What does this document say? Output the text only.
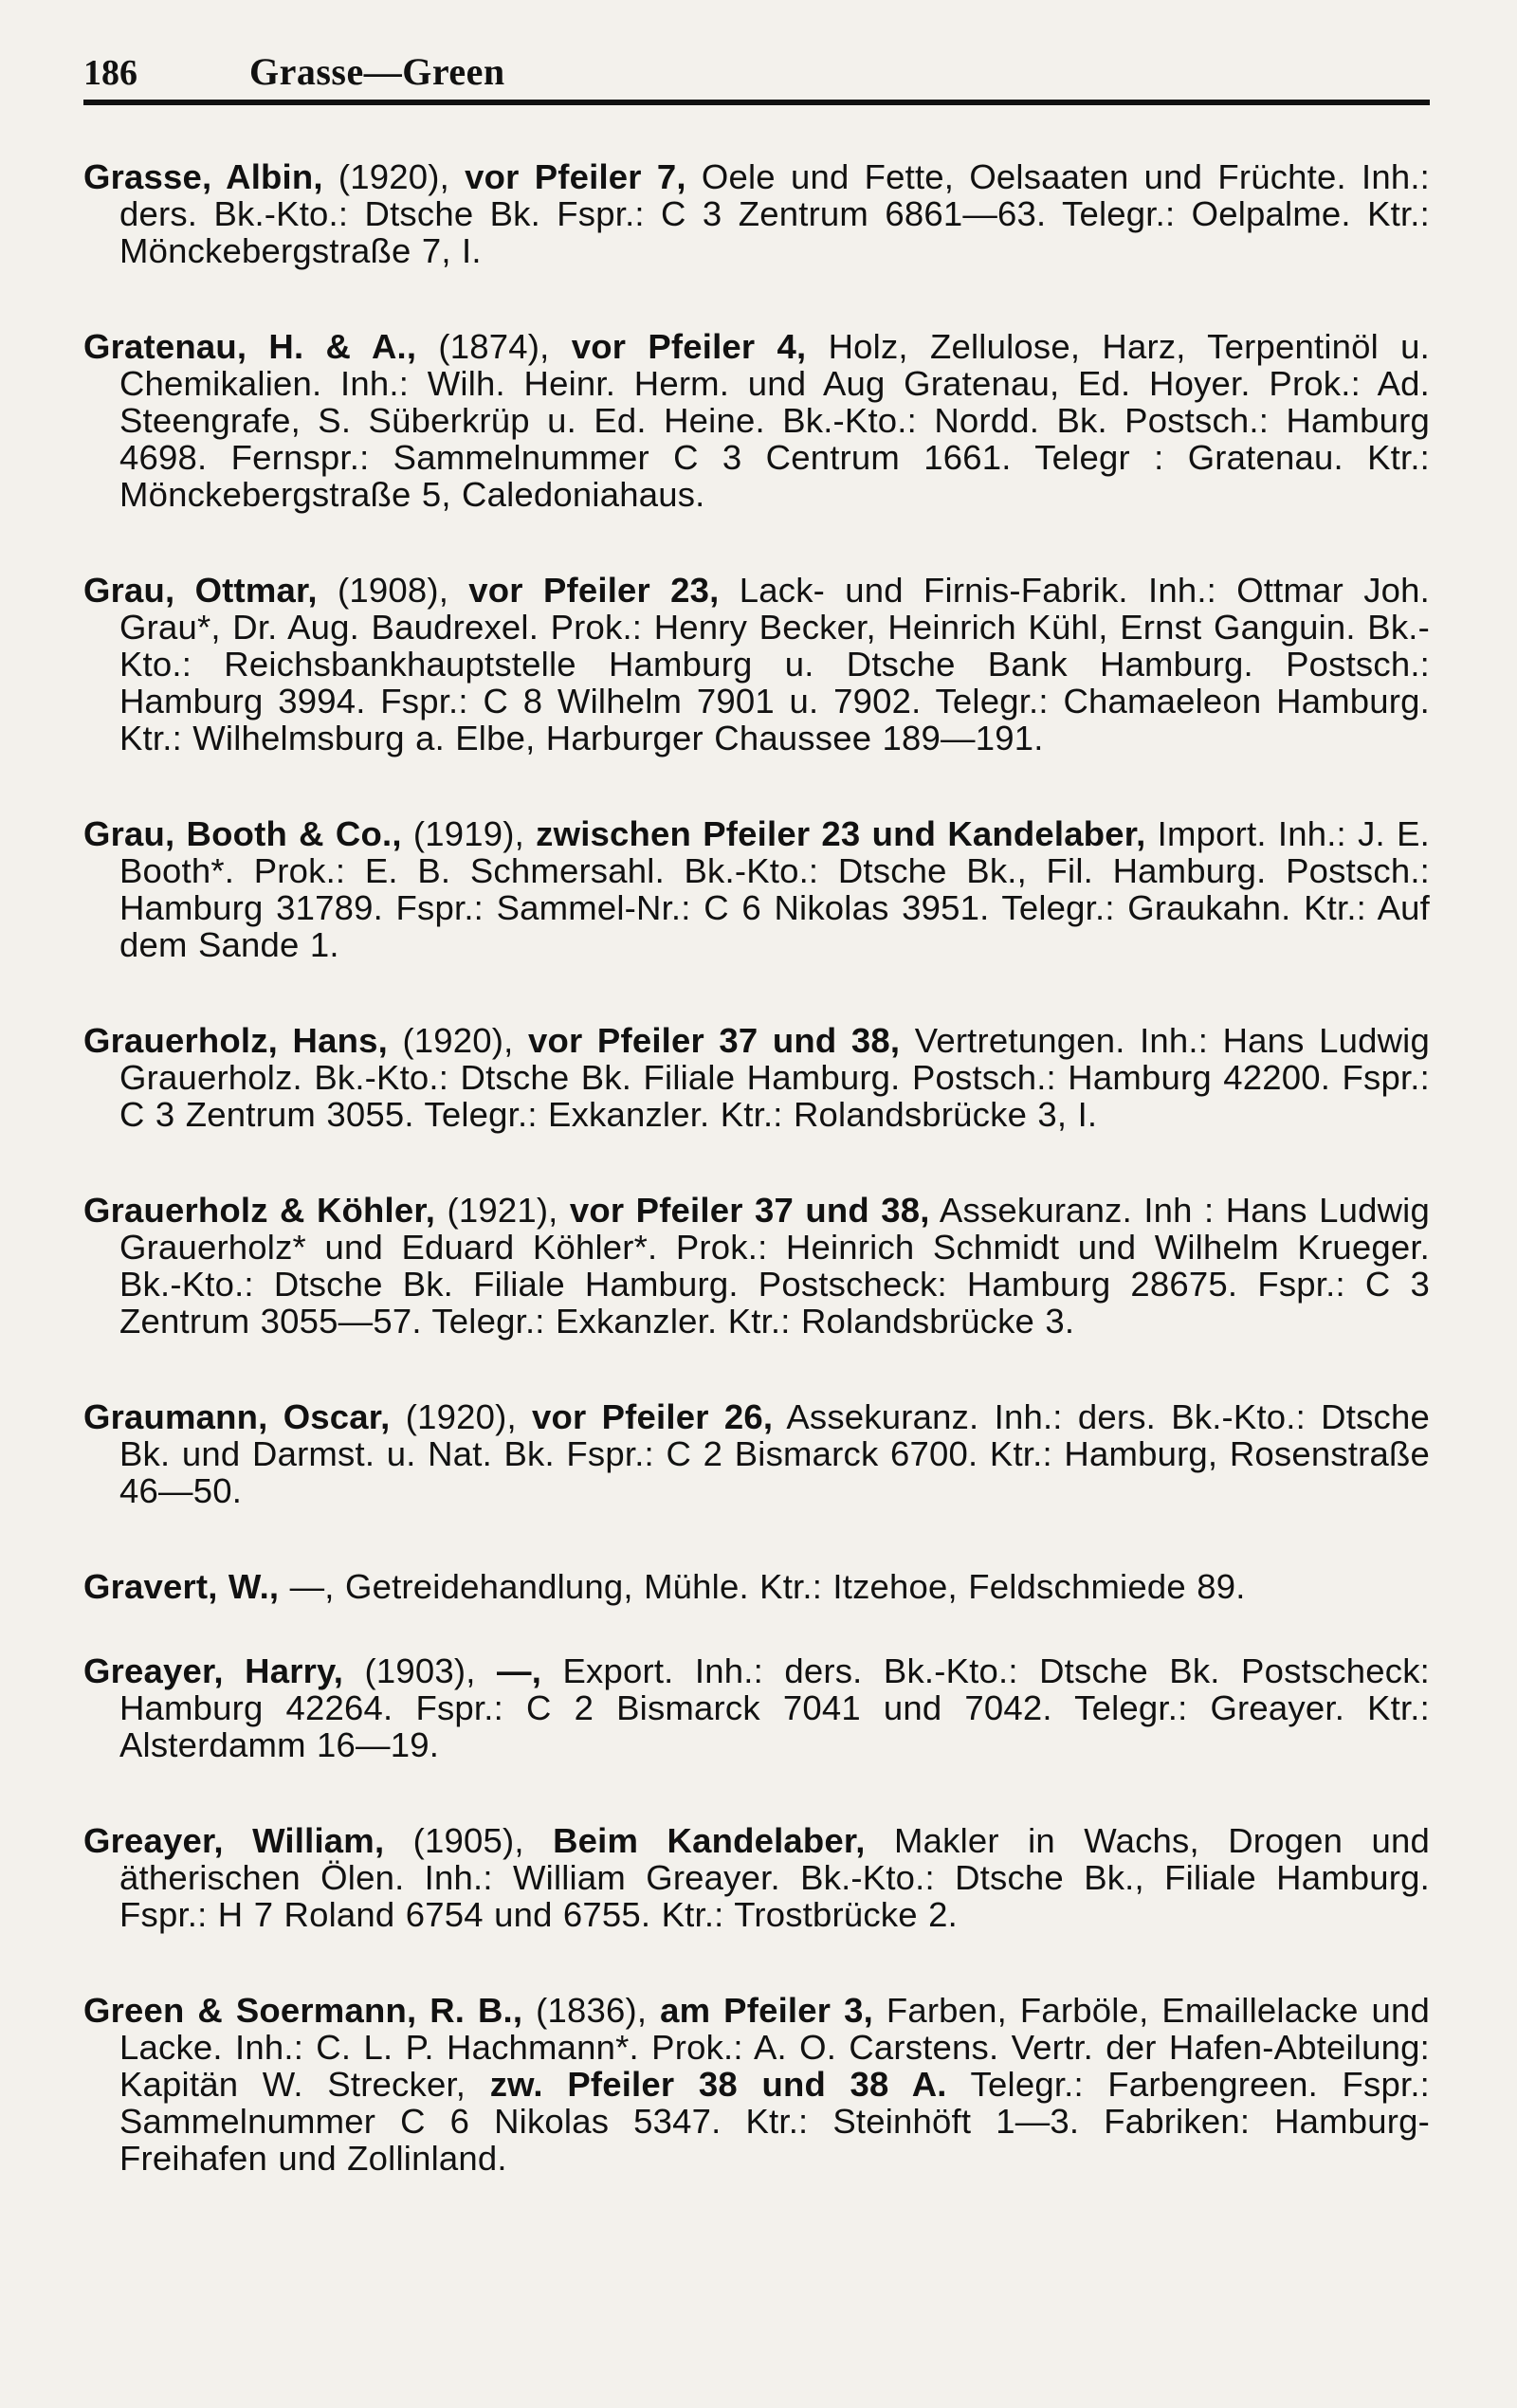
186	Grasse—Green

Grasse, Albin, (1920), vor Pfeiler 7, Oele und Fette, Oelsaaten und Früchte. Inh.: ders. Bk.-Kto.: Dtsche Bk. Fspr.: C 3 Zentrum 6861—63. Telegr.: Oelpalme. Ktr.: Mönckebergstraße 7, I.

Gratenau, H. & A., (1874), vor Pfeiler 4, Holz, Zellulose, Harz, Terpentinöl u. Chemikalien. Inh.: Wilh. Heinr. Herm. und Aug Gratenau, Ed. Hoyer. Prok.: Ad. Steengrafe, S. Süberkrüp u. Ed. Heine. Bk.-Kto.: Nordd. Bk. Postsch.: Hamburg 4698. Fernspr.: Sammelnummer C 3 Centrum 1661. Telegr : Gratenau. Ktr.: Mönckebergstraße 5, Caledoniahaus.

Grau, Ottmar, (1908), vor Pfeiler 23, Lack- und Firnis-Fabrik. Inh.: Ottmar Joh. Grau*, Dr. Aug. Baudrexel. Prok.: Henry Becker, Heinrich Kühl, Ernst Ganguin. Bk.-Kto.: Reichsbankhauptstelle Hamburg u. Dtsche Bank Hamburg. Postsch.: Hamburg 3994. Fspr.: C 8 Wilhelm 7901 u. 7902. Telegr.: Chamaeleon Hamburg. Ktr.: Wilhelmsburg a. Elbe, Harburger Chaussee 189—191.

Grau, Booth & Co., (1919), zwischen Pfeiler 23 und Kandelaber, Import. Inh.: J. E. Booth*. Prok.: E. B. Schmersahl. Bk.-Kto.: Dtsche Bk., Fil. Hamburg. Postsch.: Hamburg 31789. Fspr.: Sammel-Nr.: C 6 Nikolas 3951. Telegr.: Graukahn. Ktr.: Auf dem Sande 1.

Grauerholz, Hans, (1920), vor Pfeiler 37 und 38, Vertretungen. Inh.: Hans Ludwig Grauerholz. Bk.-Kto.: Dtsche Bk. Filiale Hamburg. Postsch.: Hamburg 42200. Fspr.: C 3 Zentrum 3055. Telegr.: Exkanzler. Ktr.: Rolandsbrücke 3, I.

Grauerholz & Köhler, (1921), vor Pfeiler 37 und 38, Assekuranz. Inh : Hans Ludwig Grauerholz* und Eduard Köhler*. Prok.: Heinrich Schmidt und Wilhelm Krueger. Bk.-Kto.: Dtsche Bk. Filiale Hamburg. Postscheck: Hamburg 28675. Fspr.: C 3 Zentrum 3055—57. Telegr.: Exkanzler. Ktr.: Rolandsbrücke 3.

Graumann, Oscar, (1920), vor Pfeiler 26, Assekuranz. Inh.: ders. Bk.-Kto.: Dtsche Bk. und Darmst. u. Nat. Bk. Fspr.: C 2 Bismarck 6700. Ktr.: Hamburg, Rosenstraße 46—50.

Gravert, W., —, Getreidehandlung, Mühle. Ktr.: Itzehoe, Feldschmiede 89.

Greayer, Harry, (1903), —, Export. Inh.: ders. Bk.-Kto.: Dtsche Bk. Postscheck: Hamburg 42264. Fspr.: C 2 Bismarck 7041 und 7042. Telegr.: Greayer. Ktr.: Alsterdamm 16—19.

Greayer, William, (1905), Beim Kandelaber, Makler in Wachs, Drogen und ätherischen Ölen. Inh.: William Greayer. Bk.-Kto.: Dtsche Bk., Filiale Hamburg. Fspr.: H 7 Roland 6754 und 6755. Ktr.: Trostbrücke 2.

Green & Soermann, R. B., (1836), am Pfeiler 3, Farben, Farböle, Emaillelacke und Lacke. Inh.: C. L. P. Hachmann*. Prok.: A. O. Carstens. Vertr. der Hafen-Abteilung: Kapitän W. Strecker, zw. Pfeiler 38 und 38 A. Telegr.: Farbengreen. Fspr.: Sammelnummer C 6 Nikolas 5347. Ktr.: Steinhöft 1—3. Fabriken: Hamburg-Freihafen und Zollinland.
